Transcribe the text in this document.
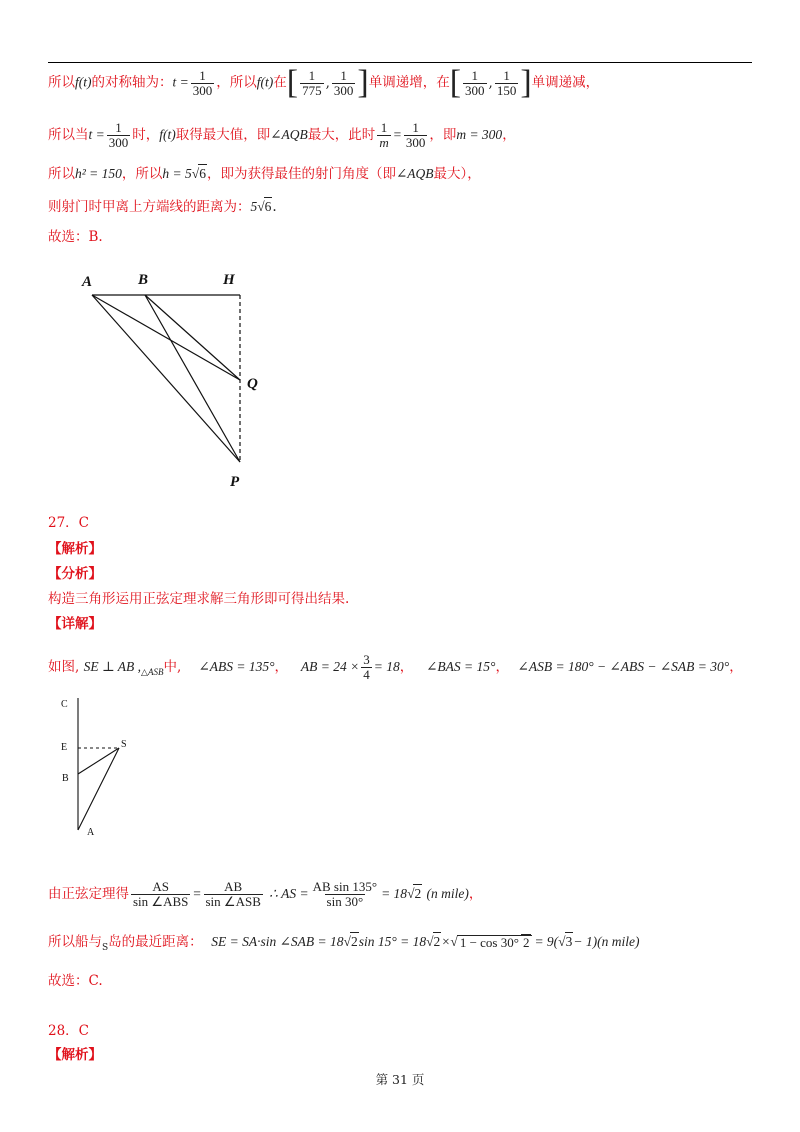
所以f(t)的对称轴为：$t = \frac{1}{300}$ ，所以f(t)在 [ $\frac{1}{775}$ , $\frac{1}{300}$ ] 单调递增，在 [ $\frac{1}{300}$ , $\frac{1}{150}$ ] 单调递减，
所以当$t = \frac{1}{300}$ 时，f(t)取得最大值，即∠AQB最大，此时 $\frac{1}{m} = \frac{1}{300}$ ，即m = 300，
所以h² = 150，所以h = 5√6，即为获得最佳的射门角度（即∠AQB最大），
则射门时甲离上方端线的距离为：5√6.
故选：B.
A	B	H
Q
P
27．C
【解析】
【分析】
构造三角形运用正弦定理求解三角形即可得出结果.
【详解】
如图, SE ⊥ AB $,_{\triangle ASB}$中, ∠ABS = 135°， AB = $24 \times \frac{3}{4} = 18$， ∠BAS = 15°， ∠ASB = 180° − ∠ABS − ∠SAB = 30°，
C
E	S
B
A
由正弦定理得 $\frac{AS}{\text{sin ∠ABS}} = \frac{AB}{\text{sin ∠ASB}}$ ∴ AS = $\frac{\text{AB sin 135°}}{\sin 30^\circ} = 18√2$ (n mile)，
所以船与$_S$岛的最近距离： SE = SA·sin ∠SAB = 18√2sin 15° = 18√2×√ 1 − cos 30° 2 = 9(√3− 1)(n mile)
故选：C.
28．C
【解析】
第 31 页
